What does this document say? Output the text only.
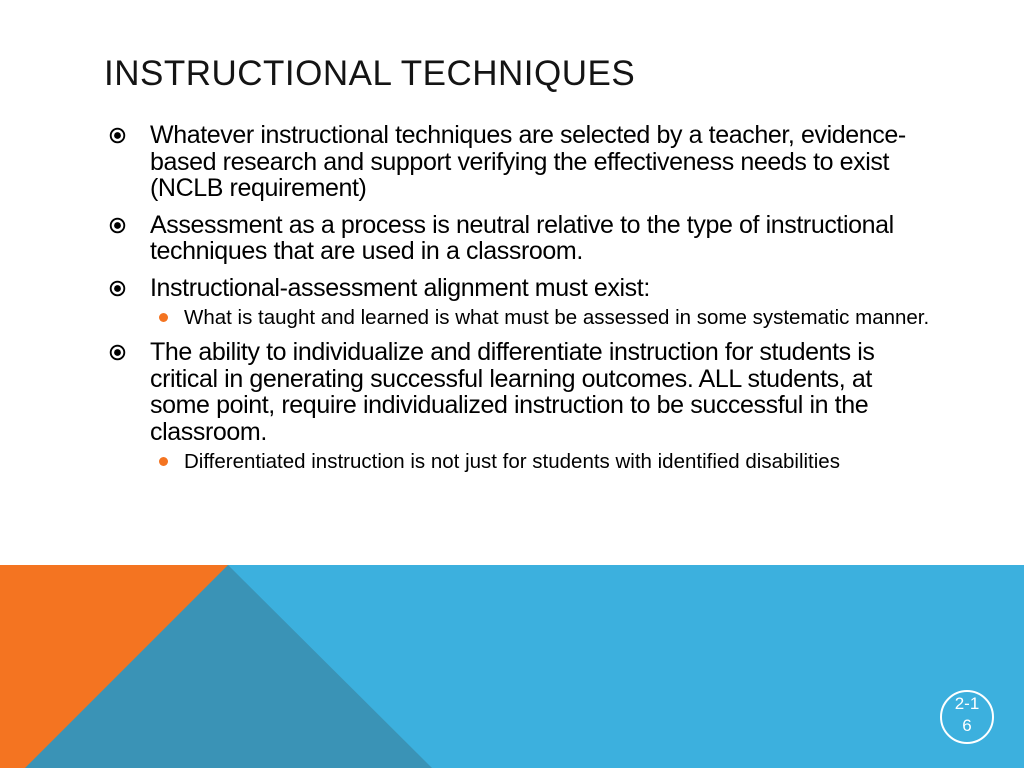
INSTRUCTIONAL TECHNIQUES
Whatever instructional techniques are selected by a teacher, evidence-based research and support verifying the effectiveness needs to exist (NCLB requirement)
Assessment as a process is neutral relative to the type of instructional techniques that are used in a classroom.
Instructional-assessment alignment must exist:
What is taught and learned is what must be assessed in some systematic manner.
The ability to individualize and differentiate instruction for students is critical in generating successful learning outcomes. ALL students, at some point, require individualized instruction to be successful in the classroom.
Differentiated instruction is not just for students with identified disabilities
2-16
